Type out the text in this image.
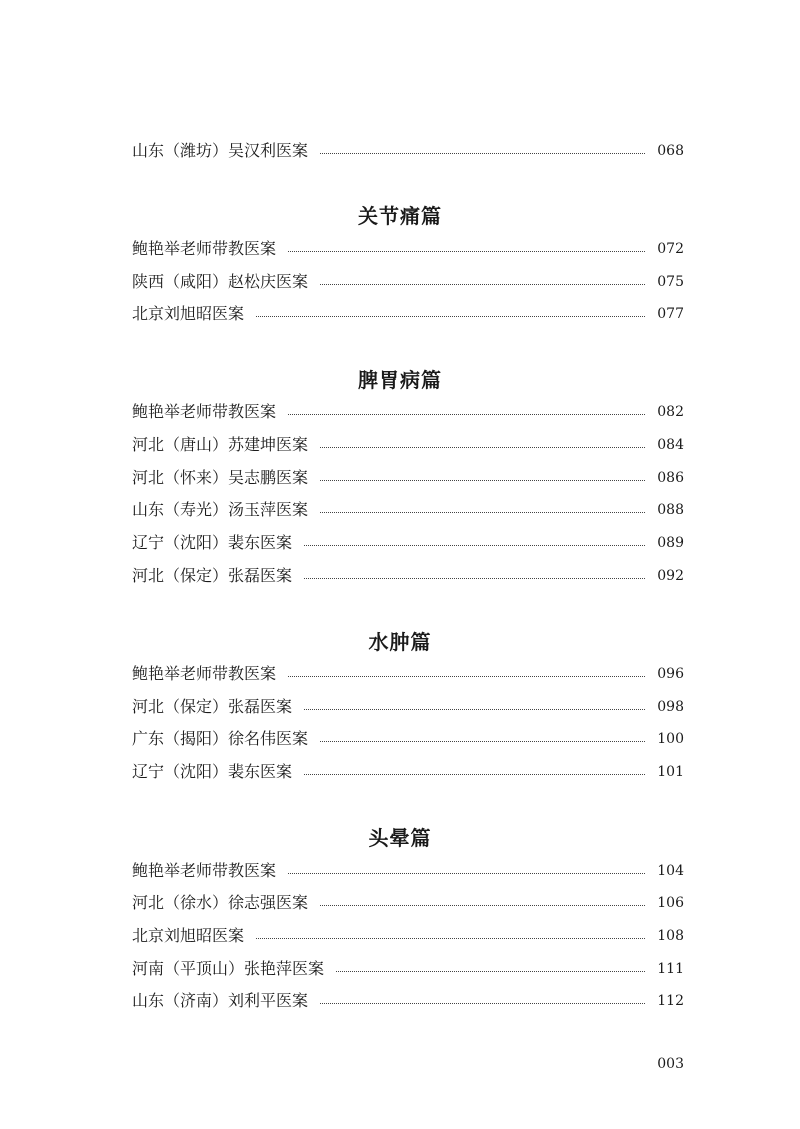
山东（潍坊）吴汉利医案	068
关节痛篇
鲍艳举老师带教医案	072
陕西（咸阳）赵松庆医案	075
北京刘旭昭医案	077
脾胃病篇
鲍艳举老师带教医案	082
河北（唐山）苏建坤医案	084
河北（怀来）吴志鹏医案	086
山东（寿光）汤玉萍医案	088
辽宁（沈阳）裴东医案	089
河北（保定）张磊医案	092
水肿篇
鲍艳举老师带教医案	096
河北（保定）张磊医案	098
广东（揭阳）徐名伟医案	100
辽宁（沈阳）裴东医案	101
头晕篇
鲍艳举老师带教医案	104
河北（徐水）徐志强医案	106
北京刘旭昭医案	108
河南（平顶山）张艳萍医案	111
山东（济南）刘利平医案	112
003
